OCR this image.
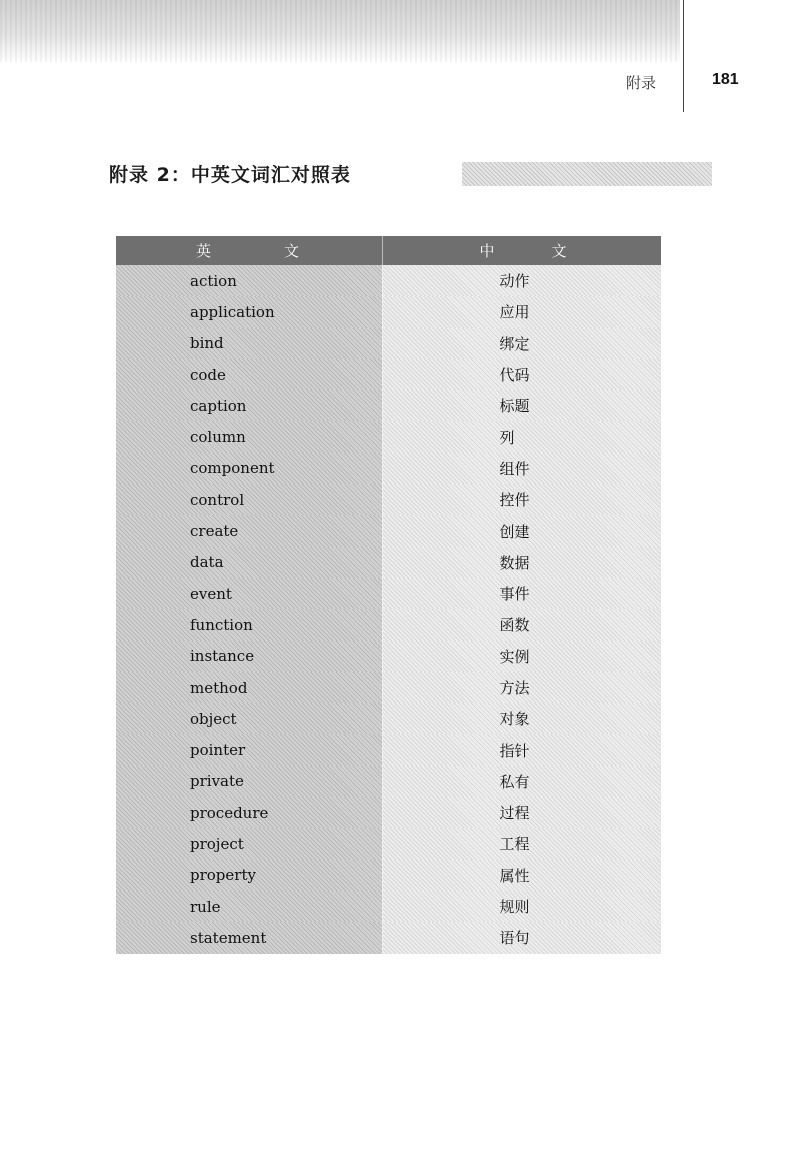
附录	181
附录 2：中英文词汇对照表
英 文	中 文

action	动作
application	应用
bind	绑定
code	代码
caption	标题
column	列
component	组件
control	控件
create	创建
data	数据
event	事件
function	函数
instance	实例
method	方法
object	对象
pointer	指针
private	私有
procedure	过程
project	工程
property	属性
rule	规则
statement	语句
